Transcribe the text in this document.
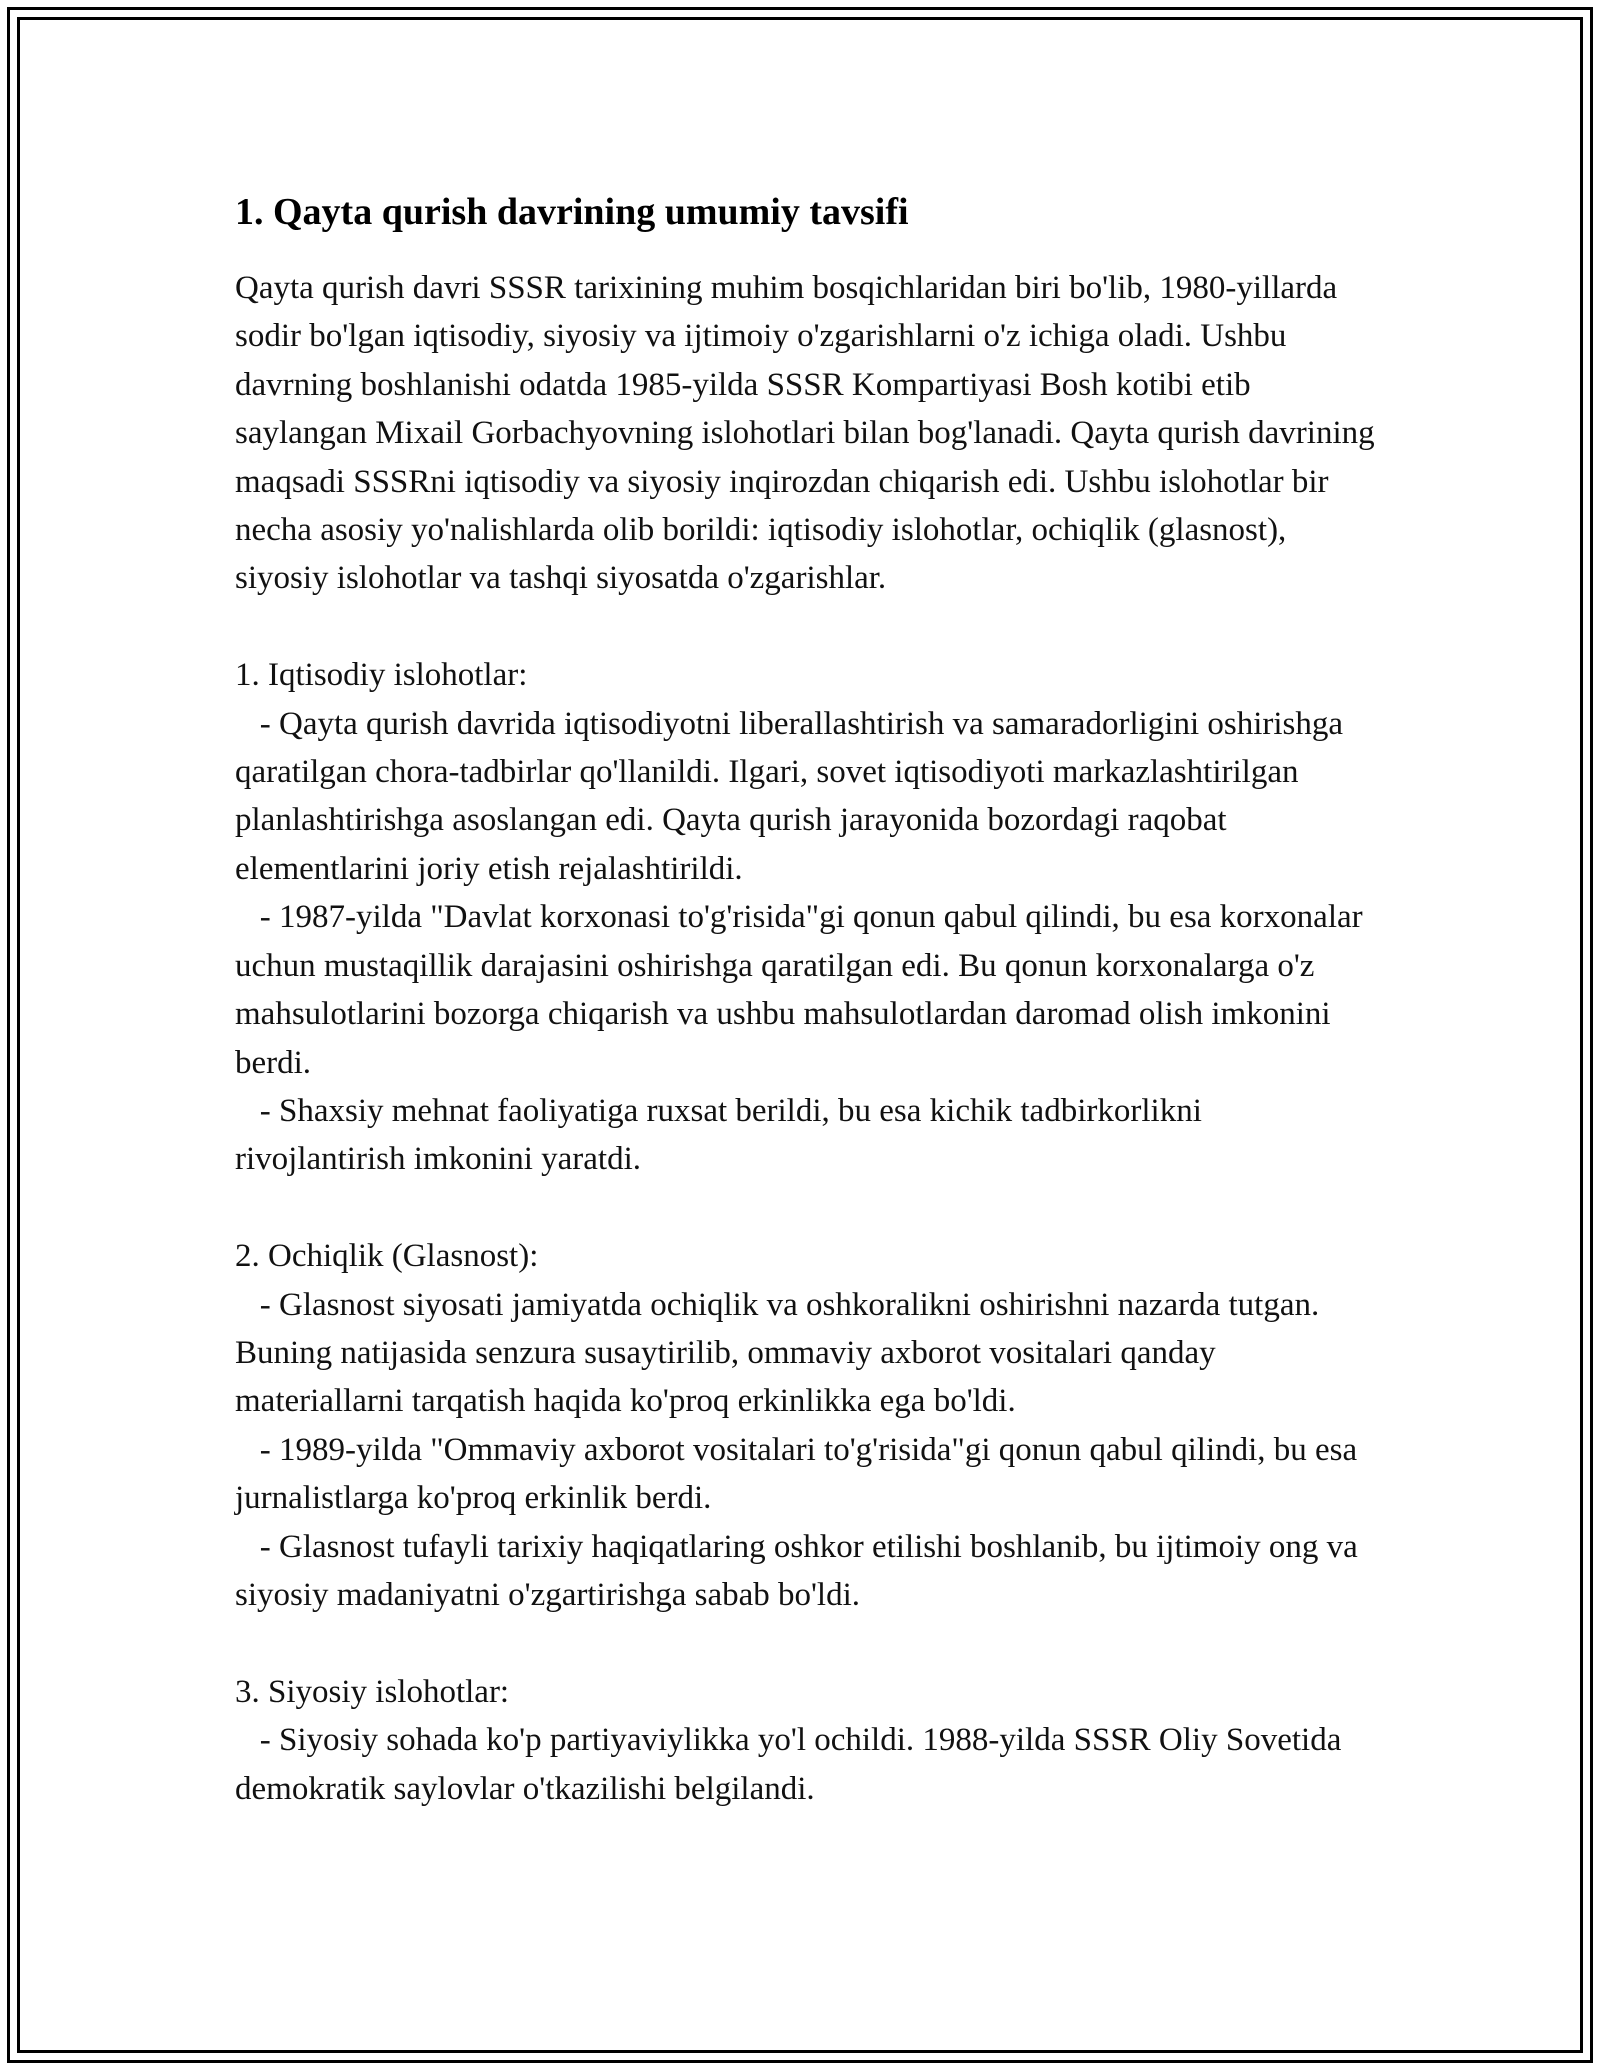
1. Qayta qurish davrining umumiy tavsifi

Qayta qurish davri SSSR tarixining muhim bosqichlaridan biri bo'lib, 1980-yillarda sodir bo'lgan iqtisodiy, siyosiy va ijtimoiy o'zgarishlarni o'z ichiga oladi. Ushbu davrning boshlanishi odatda 1985-yilda SSSR Kompartiyasi Bosh kotibi etib saylangan Mixail Gorbachyovning islohotlari bilan bog'lanadi. Qayta qurish davrining maqsadi SSSRni iqtisodiy va siyosiy inqirozdan chiqarish edi. Ushbu islohotlar bir necha asosiy yo'nalishlarda olib borildi: iqtisodiy islohotlar, ochiqlik (glasnost), siyosiy islohotlar va tashqi siyosatda o'zgarishlar.

1. Iqtisodiy islohotlar:
- Qayta qurish davrida iqtisodiyotni liberallashtirish va samaradorligini oshirishga qaratilgan chora-tadbirlar qo'llanildi. Ilgari, sovet iqtisodiyoti markazlashtirilgan planlashtirishga asoslangan edi. Qayta qurish jarayonida bozordagi raqobat elementlarini joriy etish rejalashtirildi.
- 1987-yilda "Davlat korxonasi to'g'risida"gi qonun qabul qilindi, bu esa korxonalar uchun mustaqillik darajasini oshirishga qaratilgan edi. Bu qonun korxonalarga o'z mahsulotlarini bozorga chiqarish va ushbu mahsulotlardan daromad olish imkonini berdi.
- Shaxsiy mehnat faoliyatiga ruxsat berildi, bu esa kichik tadbirkorlikni rivojlantirish imkonini yaratdi.

2. Ochiqlik (Glasnost):
- Glasnost siyosati jamiyatda ochiqlik va oshkoralikni oshirishni nazarda tutgan. Buning natijasida senzura susaytirilib, ommaviy axborot vositalari qanday materiallarni tarqatish haqida ko'proq erkinlikka ega bo'ldi.
- 1989-yilda "Ommaviy axborot vositalari to'g'risida"gi qonun qabul qilindi, bu esa jurnalistlarga ko'proq erkinlik berdi.
- Glasnost tufayli tarixiy haqiqatlaring oshkor etilishi boshlanib, bu ijtimoiy ong va siyosiy madaniyatni o'zgartirishga sabab bo'ldi.

3. Siyosiy islohotlar:
- Siyosiy sohada ko'p partiyaviylikka yo'l ochildi. 1988-yilda SSSR Oliy Sovetida demokratik saylovlar o'tkazilishi belgilandi.
